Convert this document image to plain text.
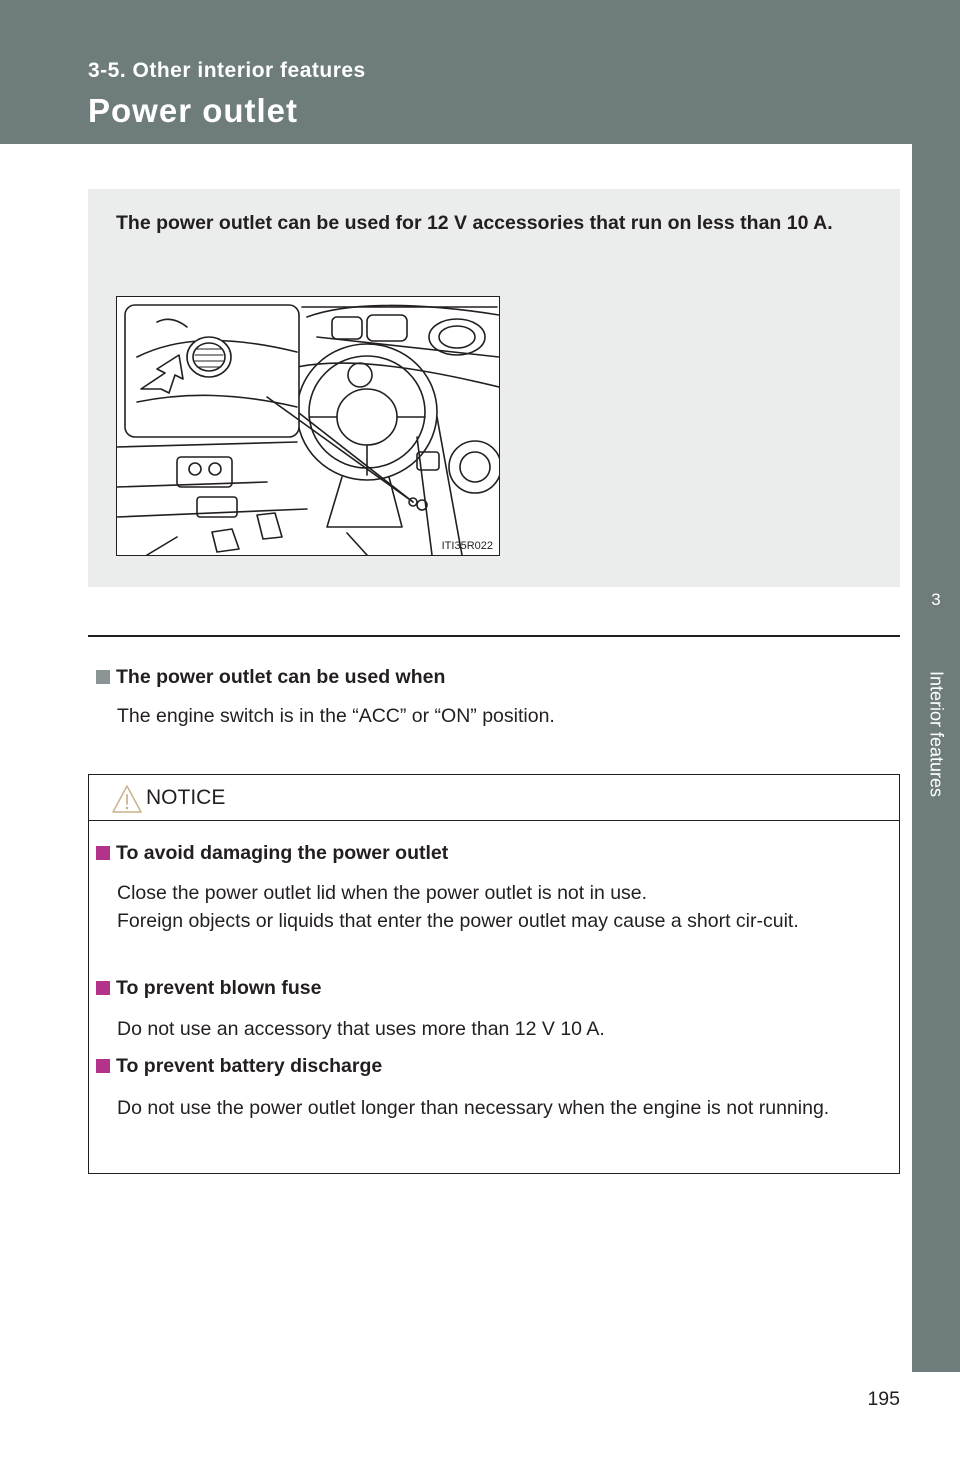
3-5. Other interior features
Power outlet
3
Interior features
The power outlet can be used for 12 V accessories that run on less than 10 A.
ITI35R022
The power outlet can be used when
The engine switch is in the “ACC” or “ON” position.
NOTICE
To avoid damaging the power outlet
Close the power outlet lid when the power outlet is not in use.
Foreign objects or liquids that enter the power outlet may cause a short cir-cuit.
To prevent blown fuse
Do not use an accessory that uses more than 12 V 10 A.
To prevent battery discharge
Do not use the power outlet longer than necessary when the engine is not running.
195
